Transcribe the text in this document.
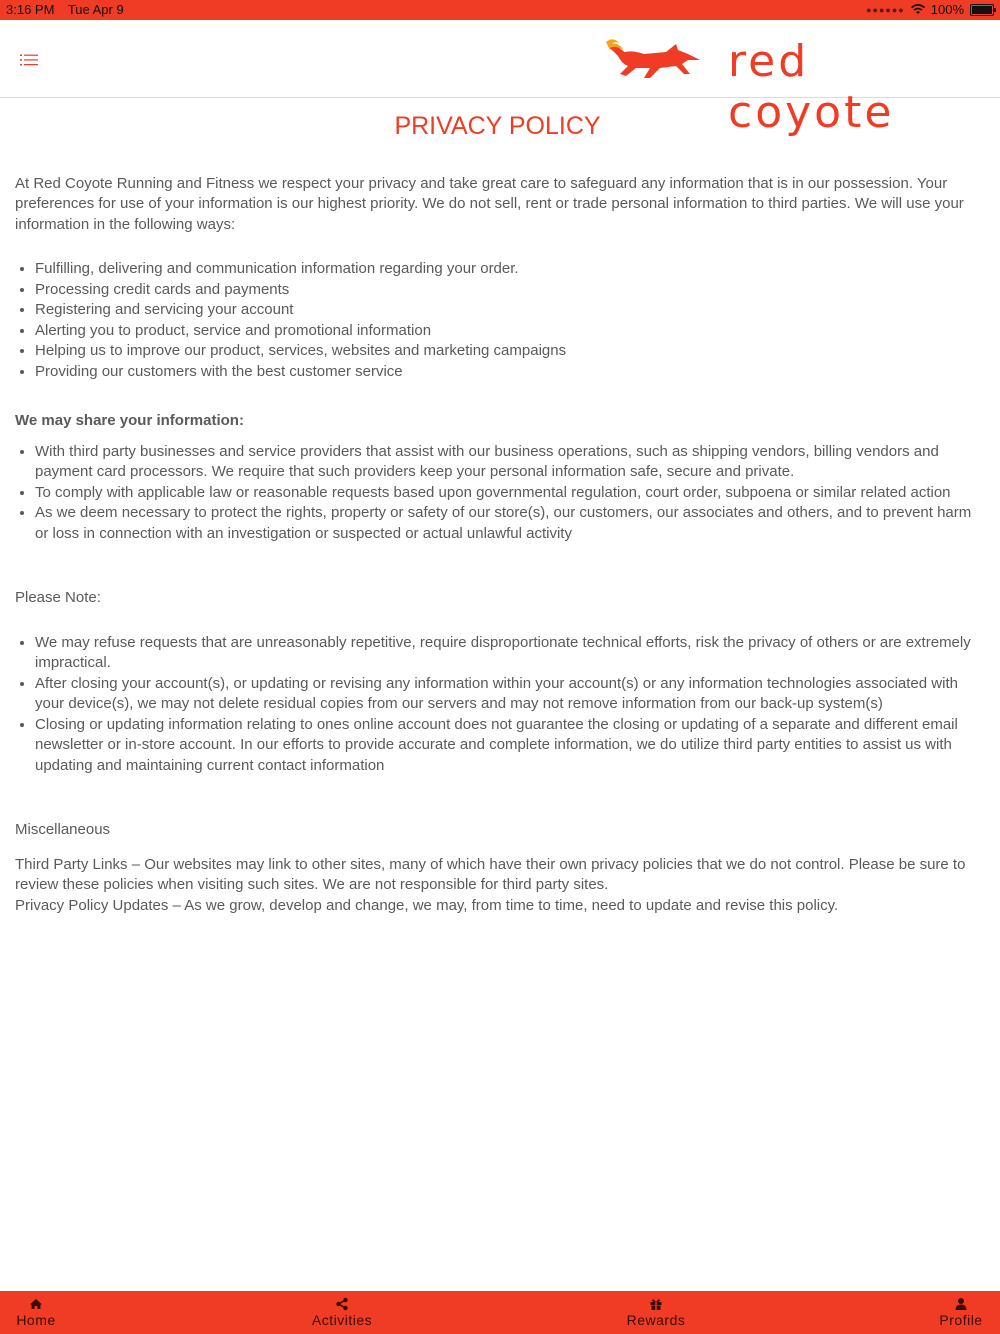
3:16 PM Tue Apr 9	●●●●●● 100%
red coyote
PRIVACY POLICY

At Red Coyote Running and Fitness we respect your privacy and take great care to safeguard any information that is in our possession. Your preferences for use of your information is our highest priority. We do not sell, rent or trade personal information to third parties. We will use your information in the following ways:

• Fulfilling, delivering and communication information regarding your order.
• Processing credit cards and payments
• Registering and servicing your account
• Alerting you to product, service and promotional information
• Helping us to improve our product, services, websites and marketing campaigns
• Providing our customers with the best customer service

We may share your information:

• With third party businesses and service providers that assist with our business operations, such as shipping vendors, billing vendors and payment card processors. We require that such providers keep your personal information safe, secure and private.
• To comply with applicable law or reasonable requests based upon governmental regulation, court order, subpoena or similar related action
• As we deem necessary to protect the rights, property or safety of our store(s), our customers, our associates and others, and to prevent harm or loss in connection with an investigation or suspected or actual unlawful activity

Please Note:

• We may refuse requests that are unreasonably repetitive, require disproportionate technical efforts, risk the privacy of others or are extremely impractical.
• After closing your account(s), or updating or revising any information within your account(s) or any information technologies associated with your device(s), we may not delete residual copies from our servers and may not remove information from our back-up system(s)
• Closing or updating information relating to ones online account does not guarantee the closing or updating of a separate and different email newsletter or in-store account. In our efforts to provide accurate and complete information, we do utilize third party entities to assist us with updating and maintaining current contact information

Miscellaneous

Third Party Links – Our websites may link to other sites, many of which have their own privacy policies that we do not control. Please be sure to review these policies when visiting such sites. We are not responsible for third party sites.

Privacy Policy Updates – As we grow, develop and change, we may, from time to time, need to update and revise this policy.

Home	Activities	Rewards	Profile
